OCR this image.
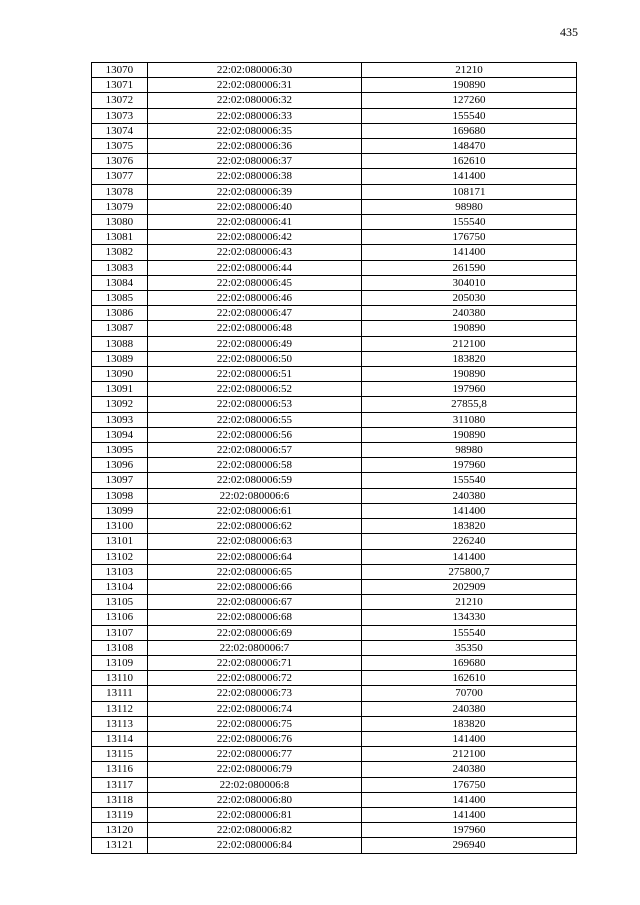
435
13070	22:02:080006:30	21210
13071	22:02:080006:31	190890
13072	22:02:080006:32	127260
13073	22:02:080006:33	155540
13074	22:02:080006:35	169680
13075	22:02:080006:36	148470
13076	22:02:080006:37	162610
13077	22:02:080006:38	141400
13078	22:02:080006:39	108171
13079	22:02:080006:40	98980
13080	22:02:080006:41	155540
13081	22:02:080006:42	176750
13082	22:02:080006:43	141400
13083	22:02:080006:44	261590
13084	22:02:080006:45	304010
13085	22:02:080006:46	205030
13086	22:02:080006:47	240380
13087	22:02:080006:48	190890
13088	22:02:080006:49	212100
13089	22:02:080006:50	183820
13090	22:02:080006:51	190890
13091	22:02:080006:52	197960
13092	22:02:080006:53	27855,8
13093	22:02:080006:55	311080
13094	22:02:080006:56	190890
13095	22:02:080006:57	98980
13096	22:02:080006:58	197960
13097	22:02:080006:59	155540
13098	22:02:080006:6	240380
13099	22:02:080006:61	141400
13100	22:02:080006:62	183820
13101	22:02:080006:63	226240
13102	22:02:080006:64	141400
13103	22:02:080006:65	275800,7
13104	22:02:080006:66	202909
13105	22:02:080006:67	21210
13106	22:02:080006:68	134330
13107	22:02:080006:69	155540
13108	22:02:080006:7	35350
13109	22:02:080006:71	169680
13110	22:02:080006:72	162610
13111	22:02:080006:73	70700
13112	22:02:080006:74	240380
13113	22:02:080006:75	183820
13114	22:02:080006:76	141400
13115	22:02:080006:77	212100
13116	22:02:080006:79	240380
13117	22:02:080006:8	176750
13118	22:02:080006:80	141400
13119	22:02:080006:81	141400
13120	22:02:080006:82	197960
13121	22:02:080006:84	296940
